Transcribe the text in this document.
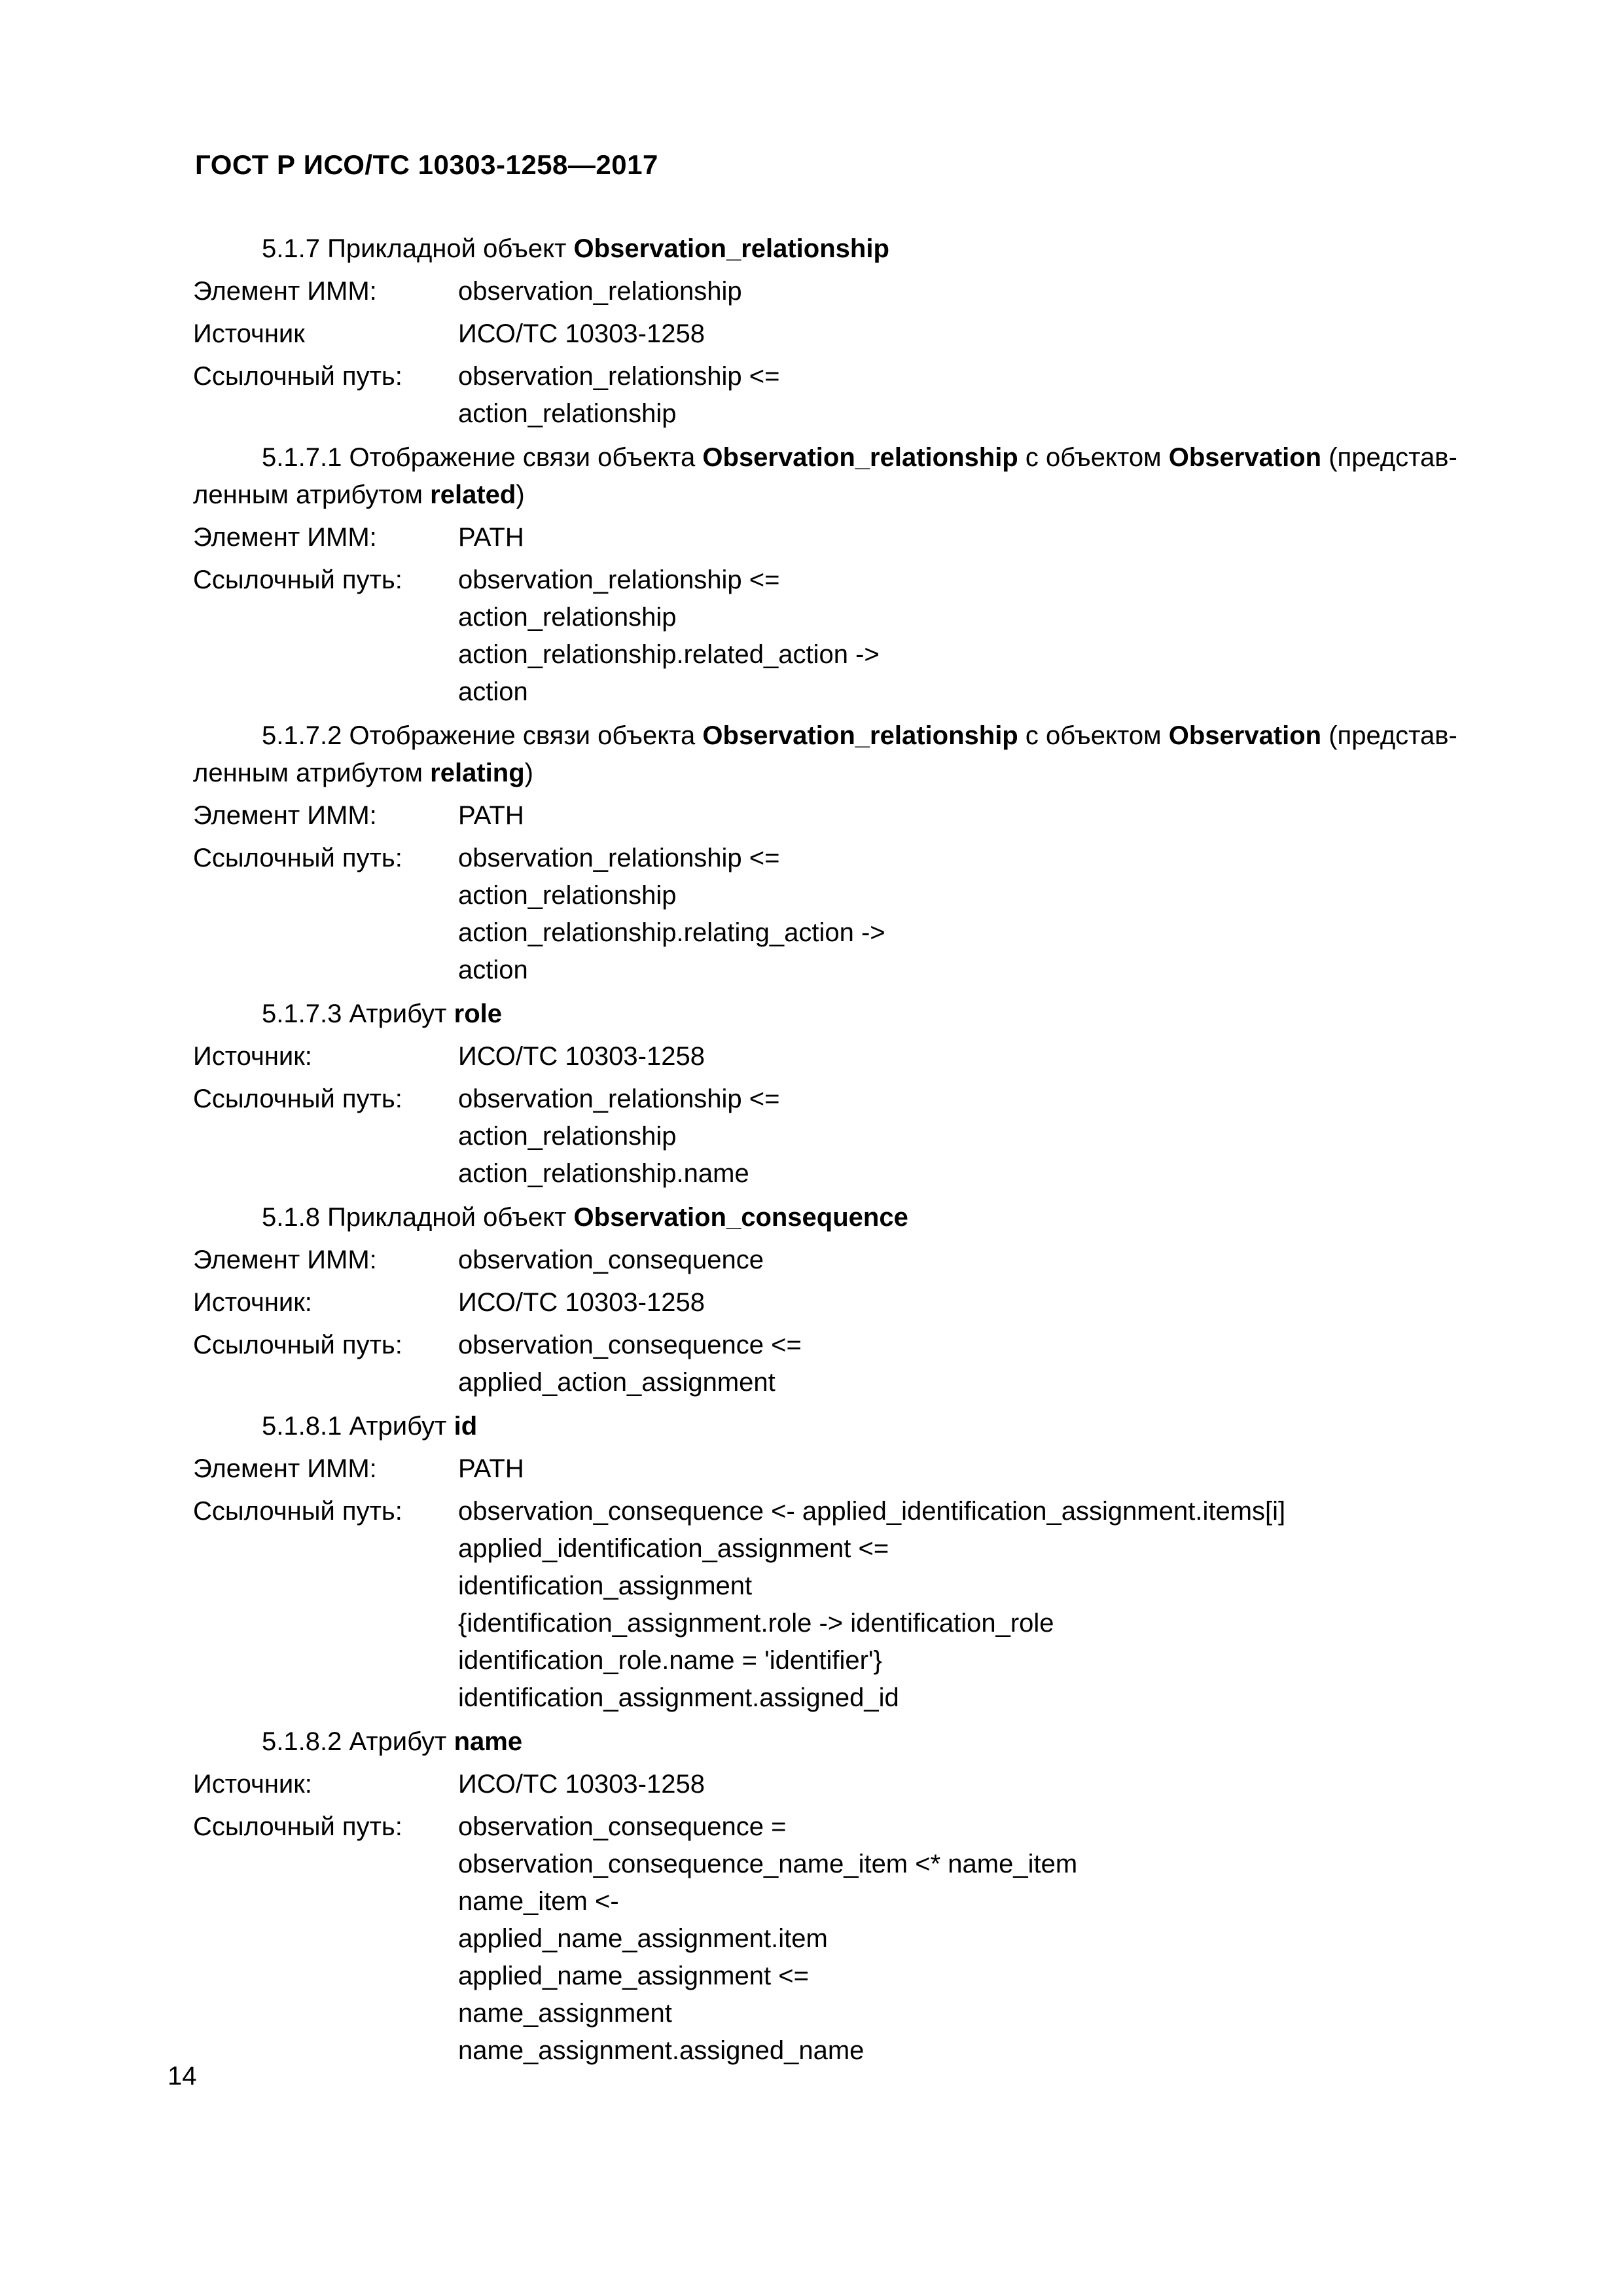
ГОСТ Р ИСО/ТС 10303-1258—2017
5.1.7 Прикладной объект Observation_relationship
Элемент ИММ:	observation_relationship
Источник	ИСО/ТС 10303-1258
Ссылочный путь:	observation_relationship <=
action_relationship
5.1.7.1 Отображение связи объекта Observation_relationship с объектом Observation (представ-
ленным атрибутом related)
Элемент ИММ:	PATH
Ссылочный путь:	observation_relationship <=
action_relationship
action_relationship.related_action ->
action
5.1.7.2 Отображение связи объекта Observation_relationship с объектом Observation (представ-
ленным атрибутом relating)
Элемент ИММ:	PATH
Ссылочный путь:	observation_relationship <=
action_relationship
action_relationship.relating_action ->
action
5.1.7.3 Атрибут role
Источник:	ИСО/ТС 10303-1258
Ссылочный путь:	observation_relationship <=
action_relationship
action_relationship.name
5.1.8 Прикладной объект Observation_consequence
Элемент ИММ:	observation_consequence
Источник:	ИСО/ТС 10303-1258
Ссылочный путь:	observation_consequence <=
applied_action_assignment
5.1.8.1 Атрибут id
Элемент ИММ:	PATH
Ссылочный путь:	observation_consequence <- applied_identification_assignment.items[i]
applied_identification_assignment <=
identification_assignment
{identification_assignment.role -> identification_role
identification_role.name = 'identifier'}
identification_assignment.assigned_id
5.1.8.2 Атрибут name
Источник:	ИСО/ТС 10303-1258
Ссылочный путь:	observation_consequence =
observation_consequence_name_item <* name_item
name_item <-
applied_name_assignment.item
applied_name_assignment <=
name_assignment
name_assignment.assigned_name
14
